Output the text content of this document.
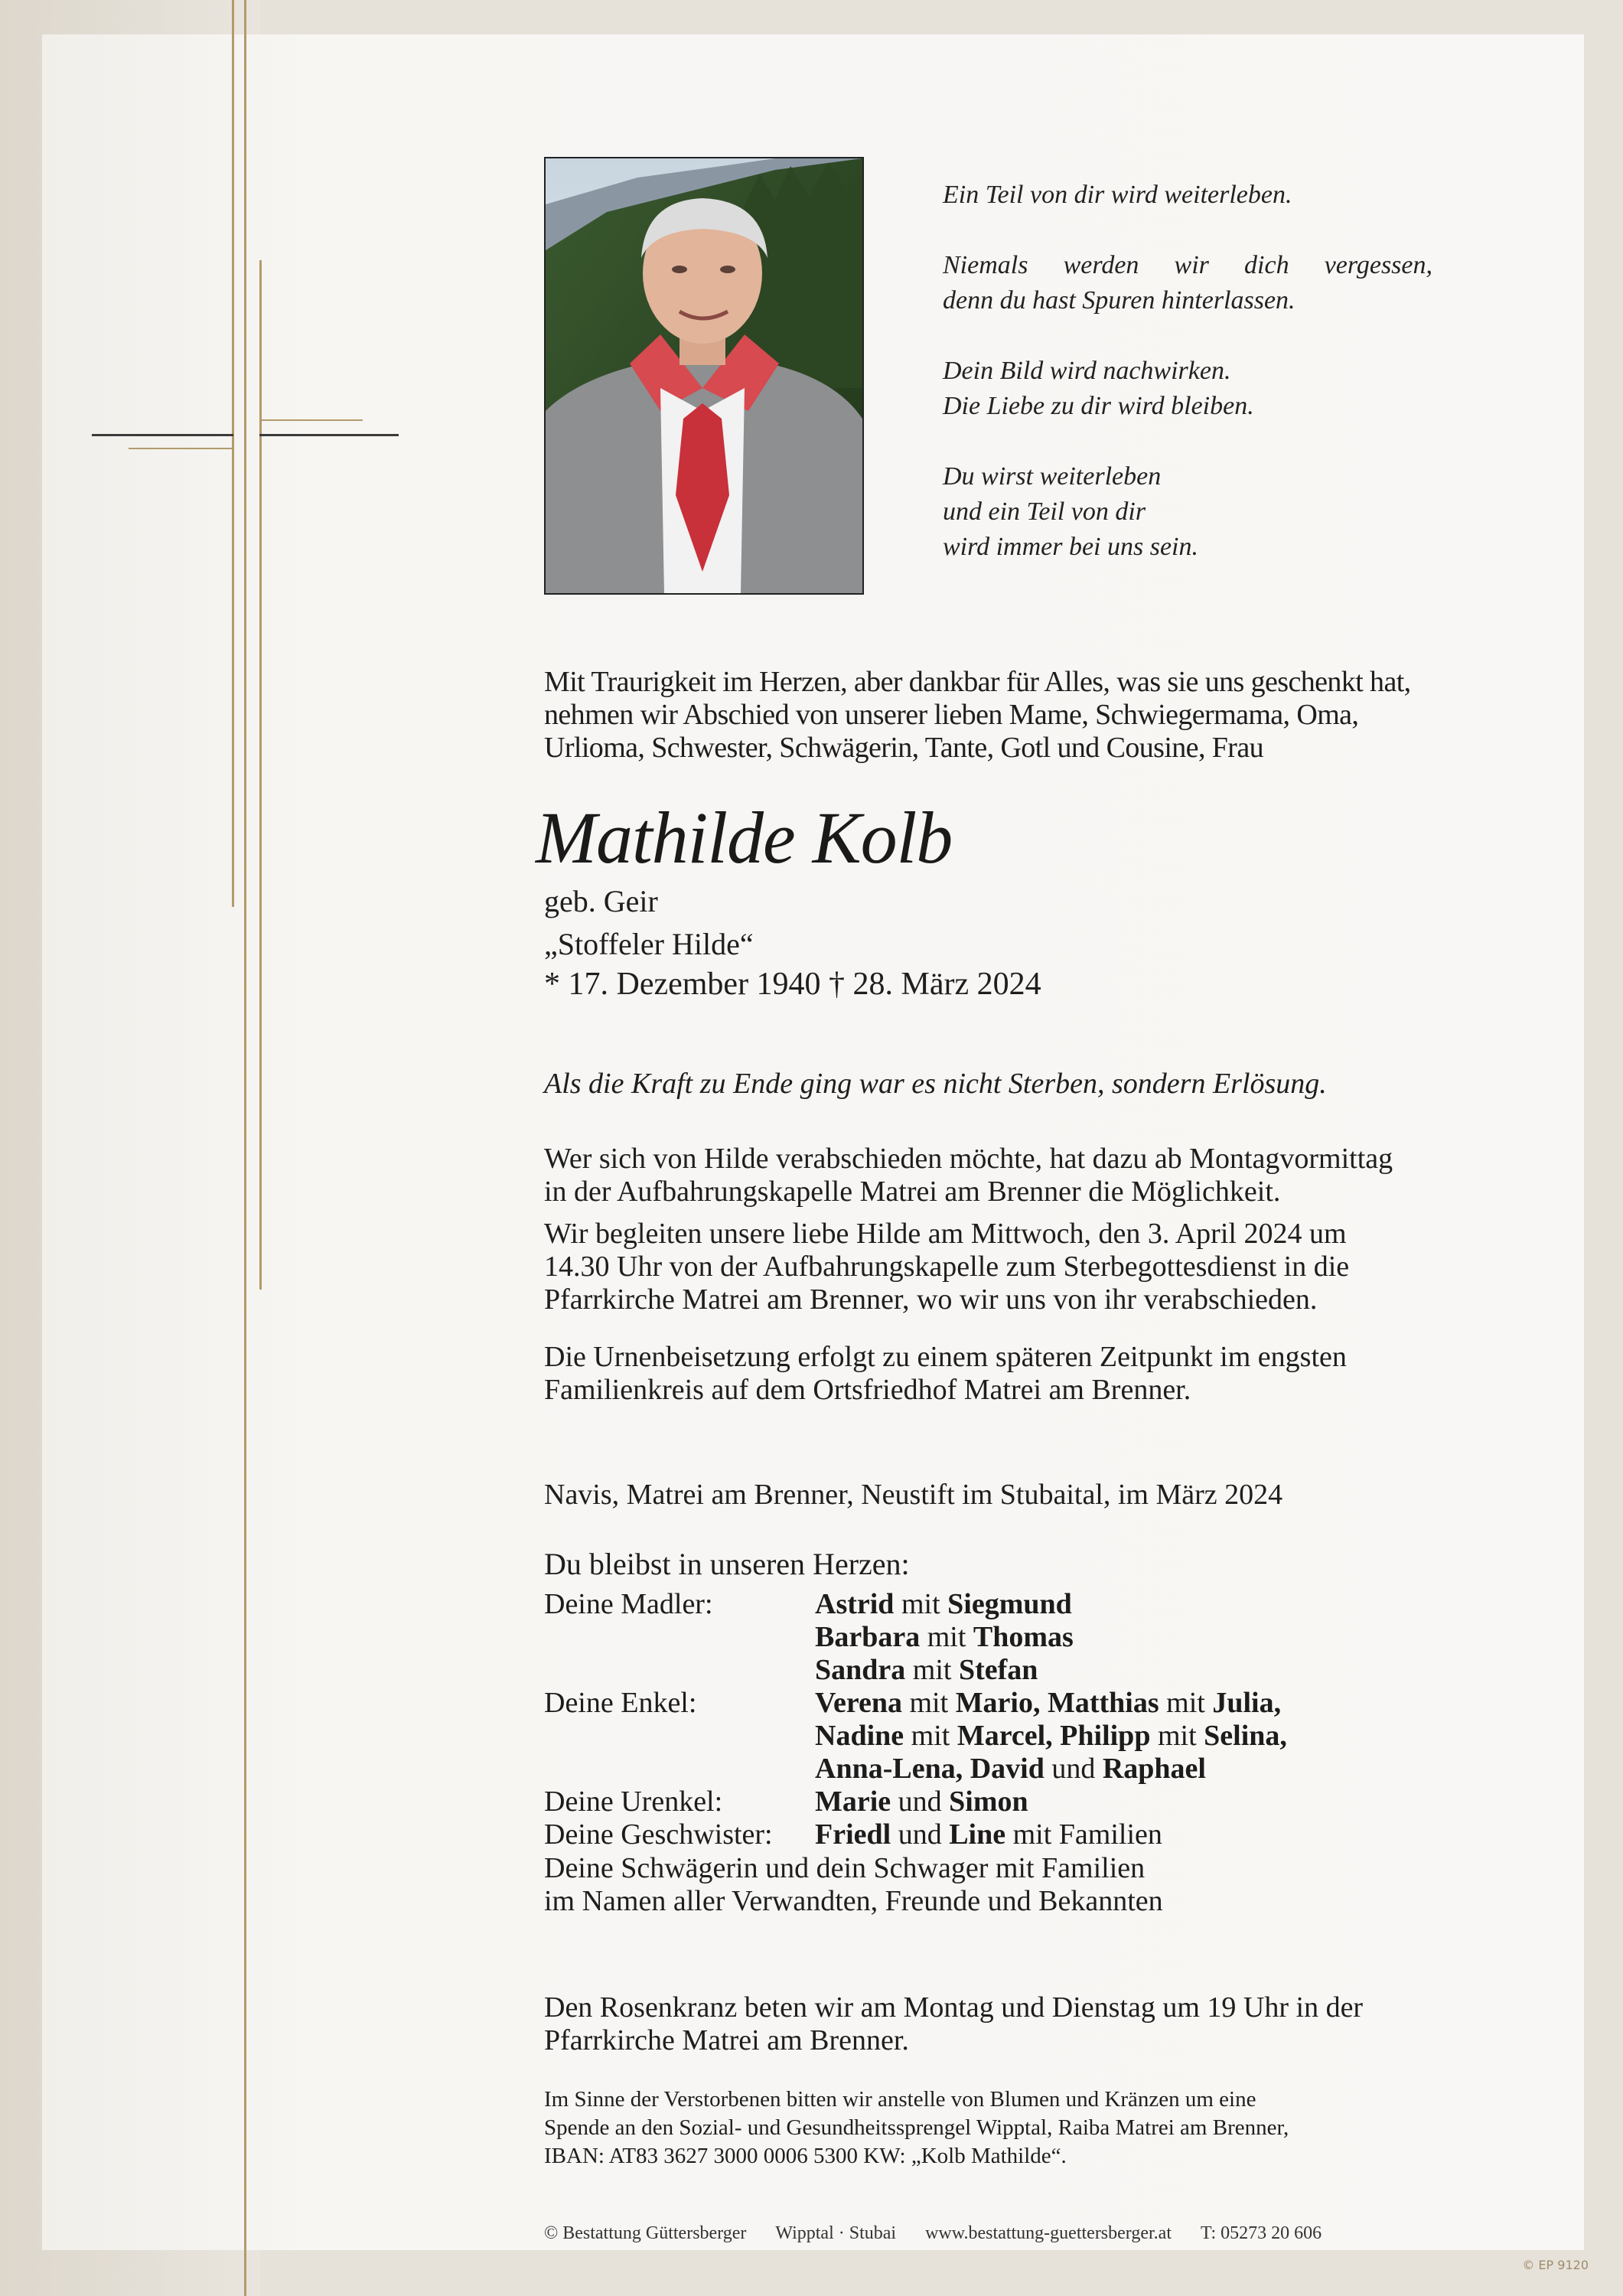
Ein Teil von dir wird weiterleben.

Niemals werden wir dich vergessen,
denn du hast Spuren hinterlassen.

Dein Bild wird nachwirken.
Die Liebe zu dir wird bleiben.

Du wirst weiterleben
und ein Teil von dir
wird immer bei uns sein.

Mit Traurigkeit im Herzen, aber dankbar für Alles, was sie uns geschenkt hat,
nehmen wir Abschied von unserer lieben Mame, Schwiegermama, Oma,
Urlioma, Schwester, Schwägerin, Tante, Gotl und Cousine, Frau
Mathilde Kolb
geb. Geir
„Stoffeler Hilde“
* 17. Dezember 1940 † 28. März 2024
Als die Kraft zu Ende ging war es nicht Sterben, sondern Erlösung.
Wer sich von Hilde verabschieden möchte, hat dazu ab Montagvormittag
in der Aufbahrungskapelle Matrei am Brenner die Möglichkeit.
Wir begleiten unsere liebe Hilde am Mittwoch, den 3. April 2024 um
14.30 Uhr von der Aufbahrungskapelle zum Sterbegottesdienst in die
Pfarrkirche Matrei am Brenner, wo wir uns von ihr verabschieden.
Die Urnenbeisetzung erfolgt zu einem späteren Zeitpunkt im engsten
Familienkreis auf dem Ortsfriedhof Matrei am Brenner.
Navis, Matrei am Brenner, Neustift im Stubaital, im März 2024
Du bleibst in unseren Herzen:
Deine Madler:	Astrid mit Siegmund
Barbara mit Thomas
Sandra mit Stefan
Deine Enkel:	Verena mit Mario, Matthias mit Julia,
Nadine mit Marcel, Philipp mit Selina,
Anna-Lena, David und Raphael
Deine Urenkel:	Marie und Simon
Deine Geschwister:	Friedl und Line mit Familien
Deine Schwägerin und dein Schwager mit Familien
im Namen aller Verwandten, Freunde und Bekannten
Den Rosenkranz beten wir am Montag und Dienstag um 19 Uhr in der
Pfarrkirche Matrei am Brenner.
Im Sinne der Verstorbenen bitten wir anstelle von Blumen und Kränzen um eine
Spende an den Sozial- und Gesundheitssprengel Wipptal, Raiba Matrei am Brenner,
IBAN: AT83 3627 3000 0006 5300 KW: „Kolb Mathilde“.
© Bestattung Güttersberger Wipptal · Stubai www.bestattung-guettersberger.at T: 05273 20 606
© EP 9120
